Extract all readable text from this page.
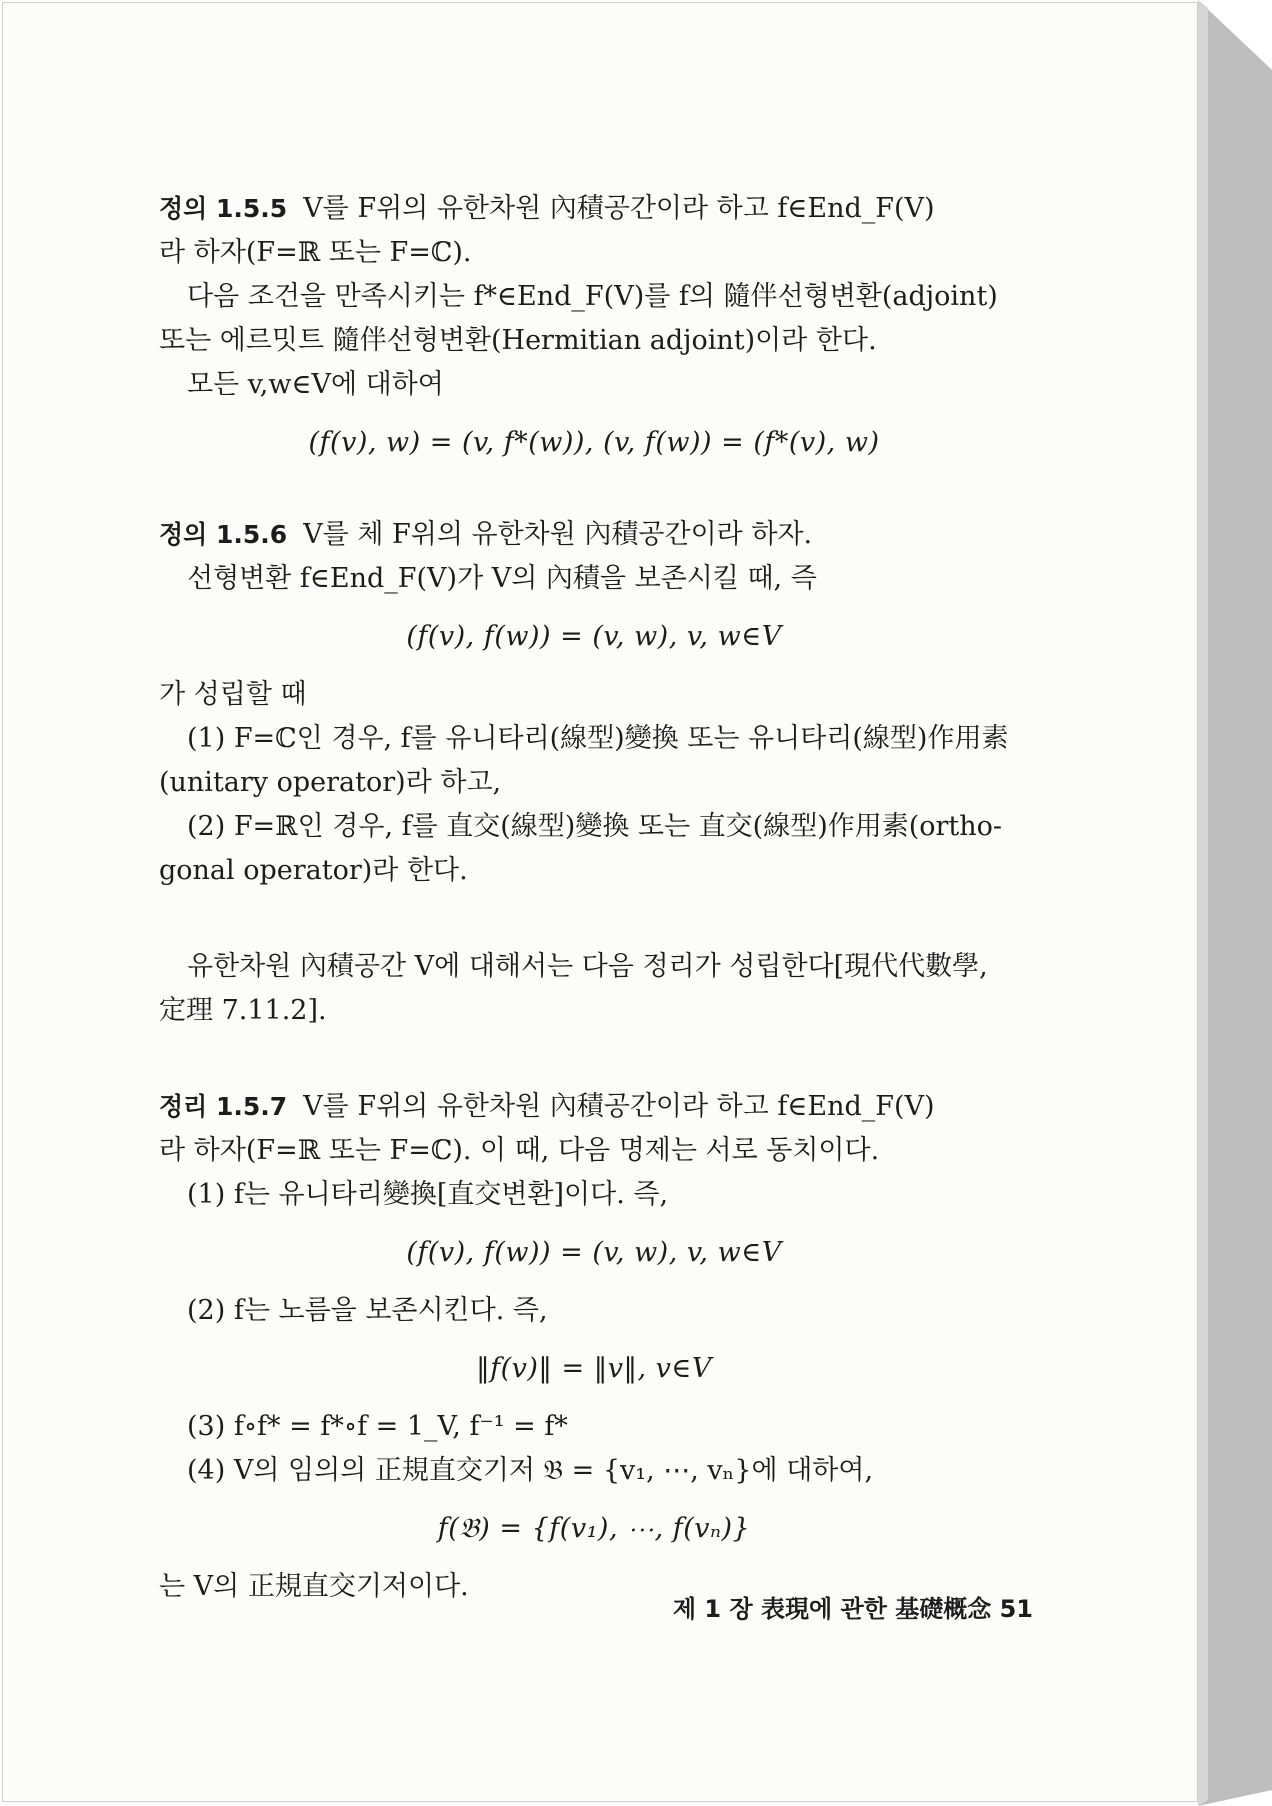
정의 1.5.5 V를 F위의 유한차원 內積공간이라 하고 f∈End_F(V)

라 하자(F=ℝ 또는 F=ℂ).

다음 조건을 만족시키는 f*∈End_F(V)를 f의 隨伴선형변환(adjoint)

또는 에르밋트 隨伴선형변환(Hermitian adjoint)이라 한다.

모든 v,w∈V에 대하여

(f(v), w) = (v, f*(w)), (v, f(w)) = (f*(v), w)

정의 1.5.6 V를 체 F위의 유한차원 內積공간이라 하자.

선형변환 f∈End_F(V)가 V의 內積을 보존시킬 때, 즉

(f(v), f(w)) = (v, w), v, w∈V

가 성립할 때

(1) F=ℂ인 경우, f를 유니타리(線型)變換 또는 유니타리(線型)作用素

(unitary operator)라 하고,

(2) F=ℝ인 경우, f를 直交(線型)變換 또는 直交(線型)作用素(ortho-

gonal operator)라 한다.

유한차원 內積공간 V에 대해서는 다음 정리가 성립한다[現代代數學,

定理 7.11.2].

정리 1.5.7 V를 F위의 유한차원 內積공간이라 하고 f∈End_F(V)

라 하자(F=ℝ 또는 F=ℂ). 이 때, 다음 명제는 서로 동치이다.

(1) f는 유니타리變換[直交변환]이다. 즉,

(f(v), f(w)) = (v, w), v, w∈V

(2) f는 노름을 보존시킨다. 즉,

‖f(v)‖ = ‖v‖, v∈V

(3) f∘f* = f*∘f = 1_V, f⁻¹ = f*

(4) V의 임의의 正規直交기저 𝔅 = {v₁, ⋯, vₙ}에 대하여,

f(𝔅) = {f(v₁), ⋯, f(vₙ)}

는 V의 正規直交기저이다.

제 1 장 表現에 관한 基礎概念 51
